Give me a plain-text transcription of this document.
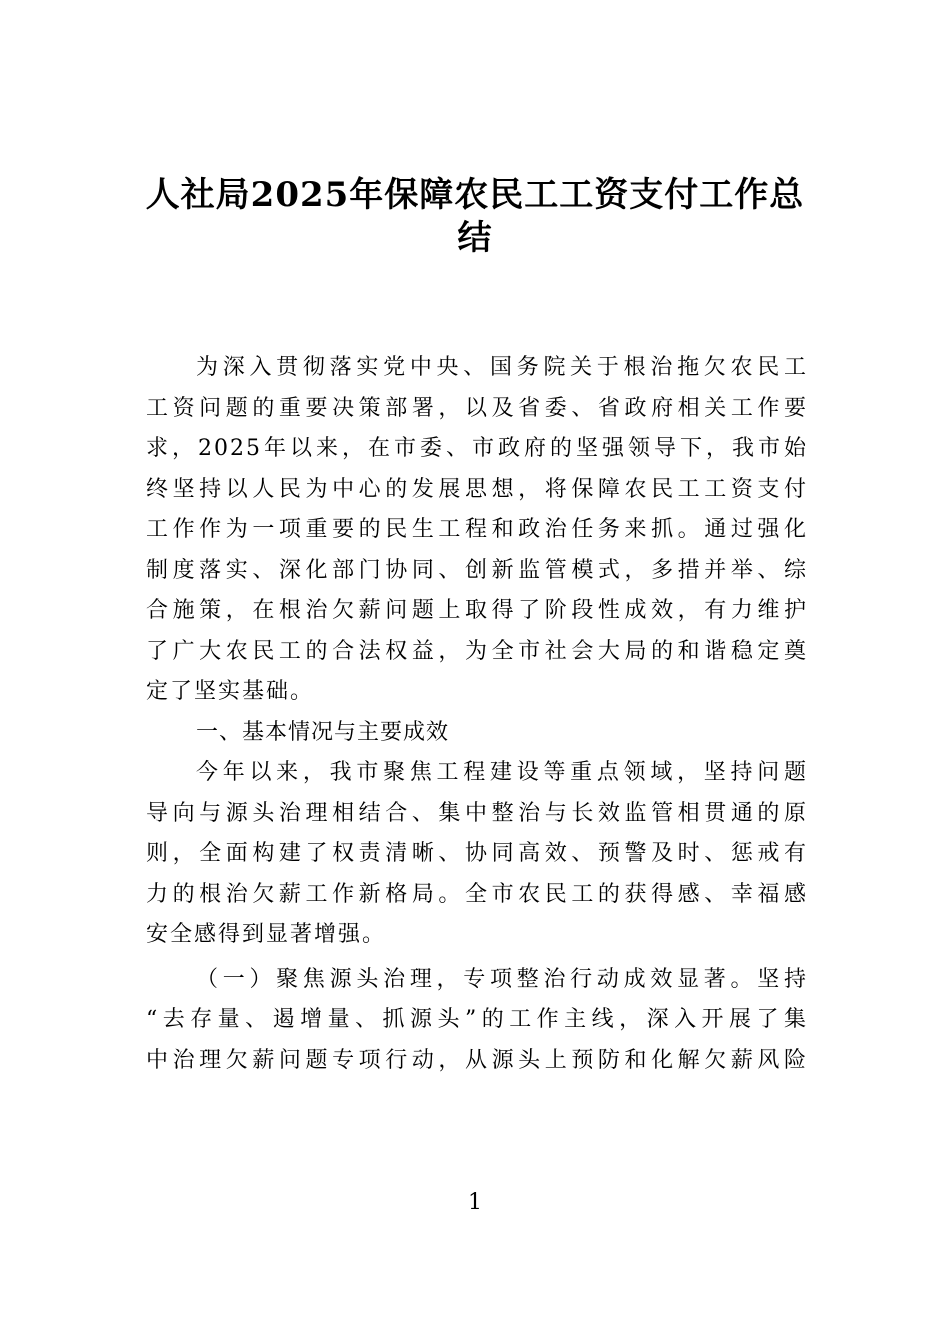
人社局2025年保障农民工工资支付工作总
结
为深入贯彻落实党中央、国务院关于根治拖欠农民工
工资问题的重要决策部署，以及省委、省政府相关工作要
求，2025年以来，在市委、市政府的坚强领导下，我市始
终坚持以人民为中心的发展思想，将保障农民工工资支付
工作作为一项重要的民生工程和政治任务来抓。通过强化
制度落实、深化部门协同、创新监管模式，多措并举、综
合施策，在根治欠薪问题上取得了阶段性成效，有力维护
了广大农民工的合法权益，为全市社会大局的和谐稳定奠
定了坚实基础。
一、基本情况与主要成效
今年以来，我市聚焦工程建设等重点领域，坚持问题
导向与源头治理相结合、集中整治与长效监管相贯通的原
则，全面构建了权责清晰、协同高效、预警及时、惩戒有
力的根治欠薪工作新格局。全市农民工的获得感、幸福感
安全感得到显著增强。
（一）聚焦源头治理，专项整治行动成效显著。坚持
“去存量、遏增量、抓源头”的工作主线，深入开展了集
中治理欠薪问题专项行动，从源头上预防和化解欠薪风险
1
